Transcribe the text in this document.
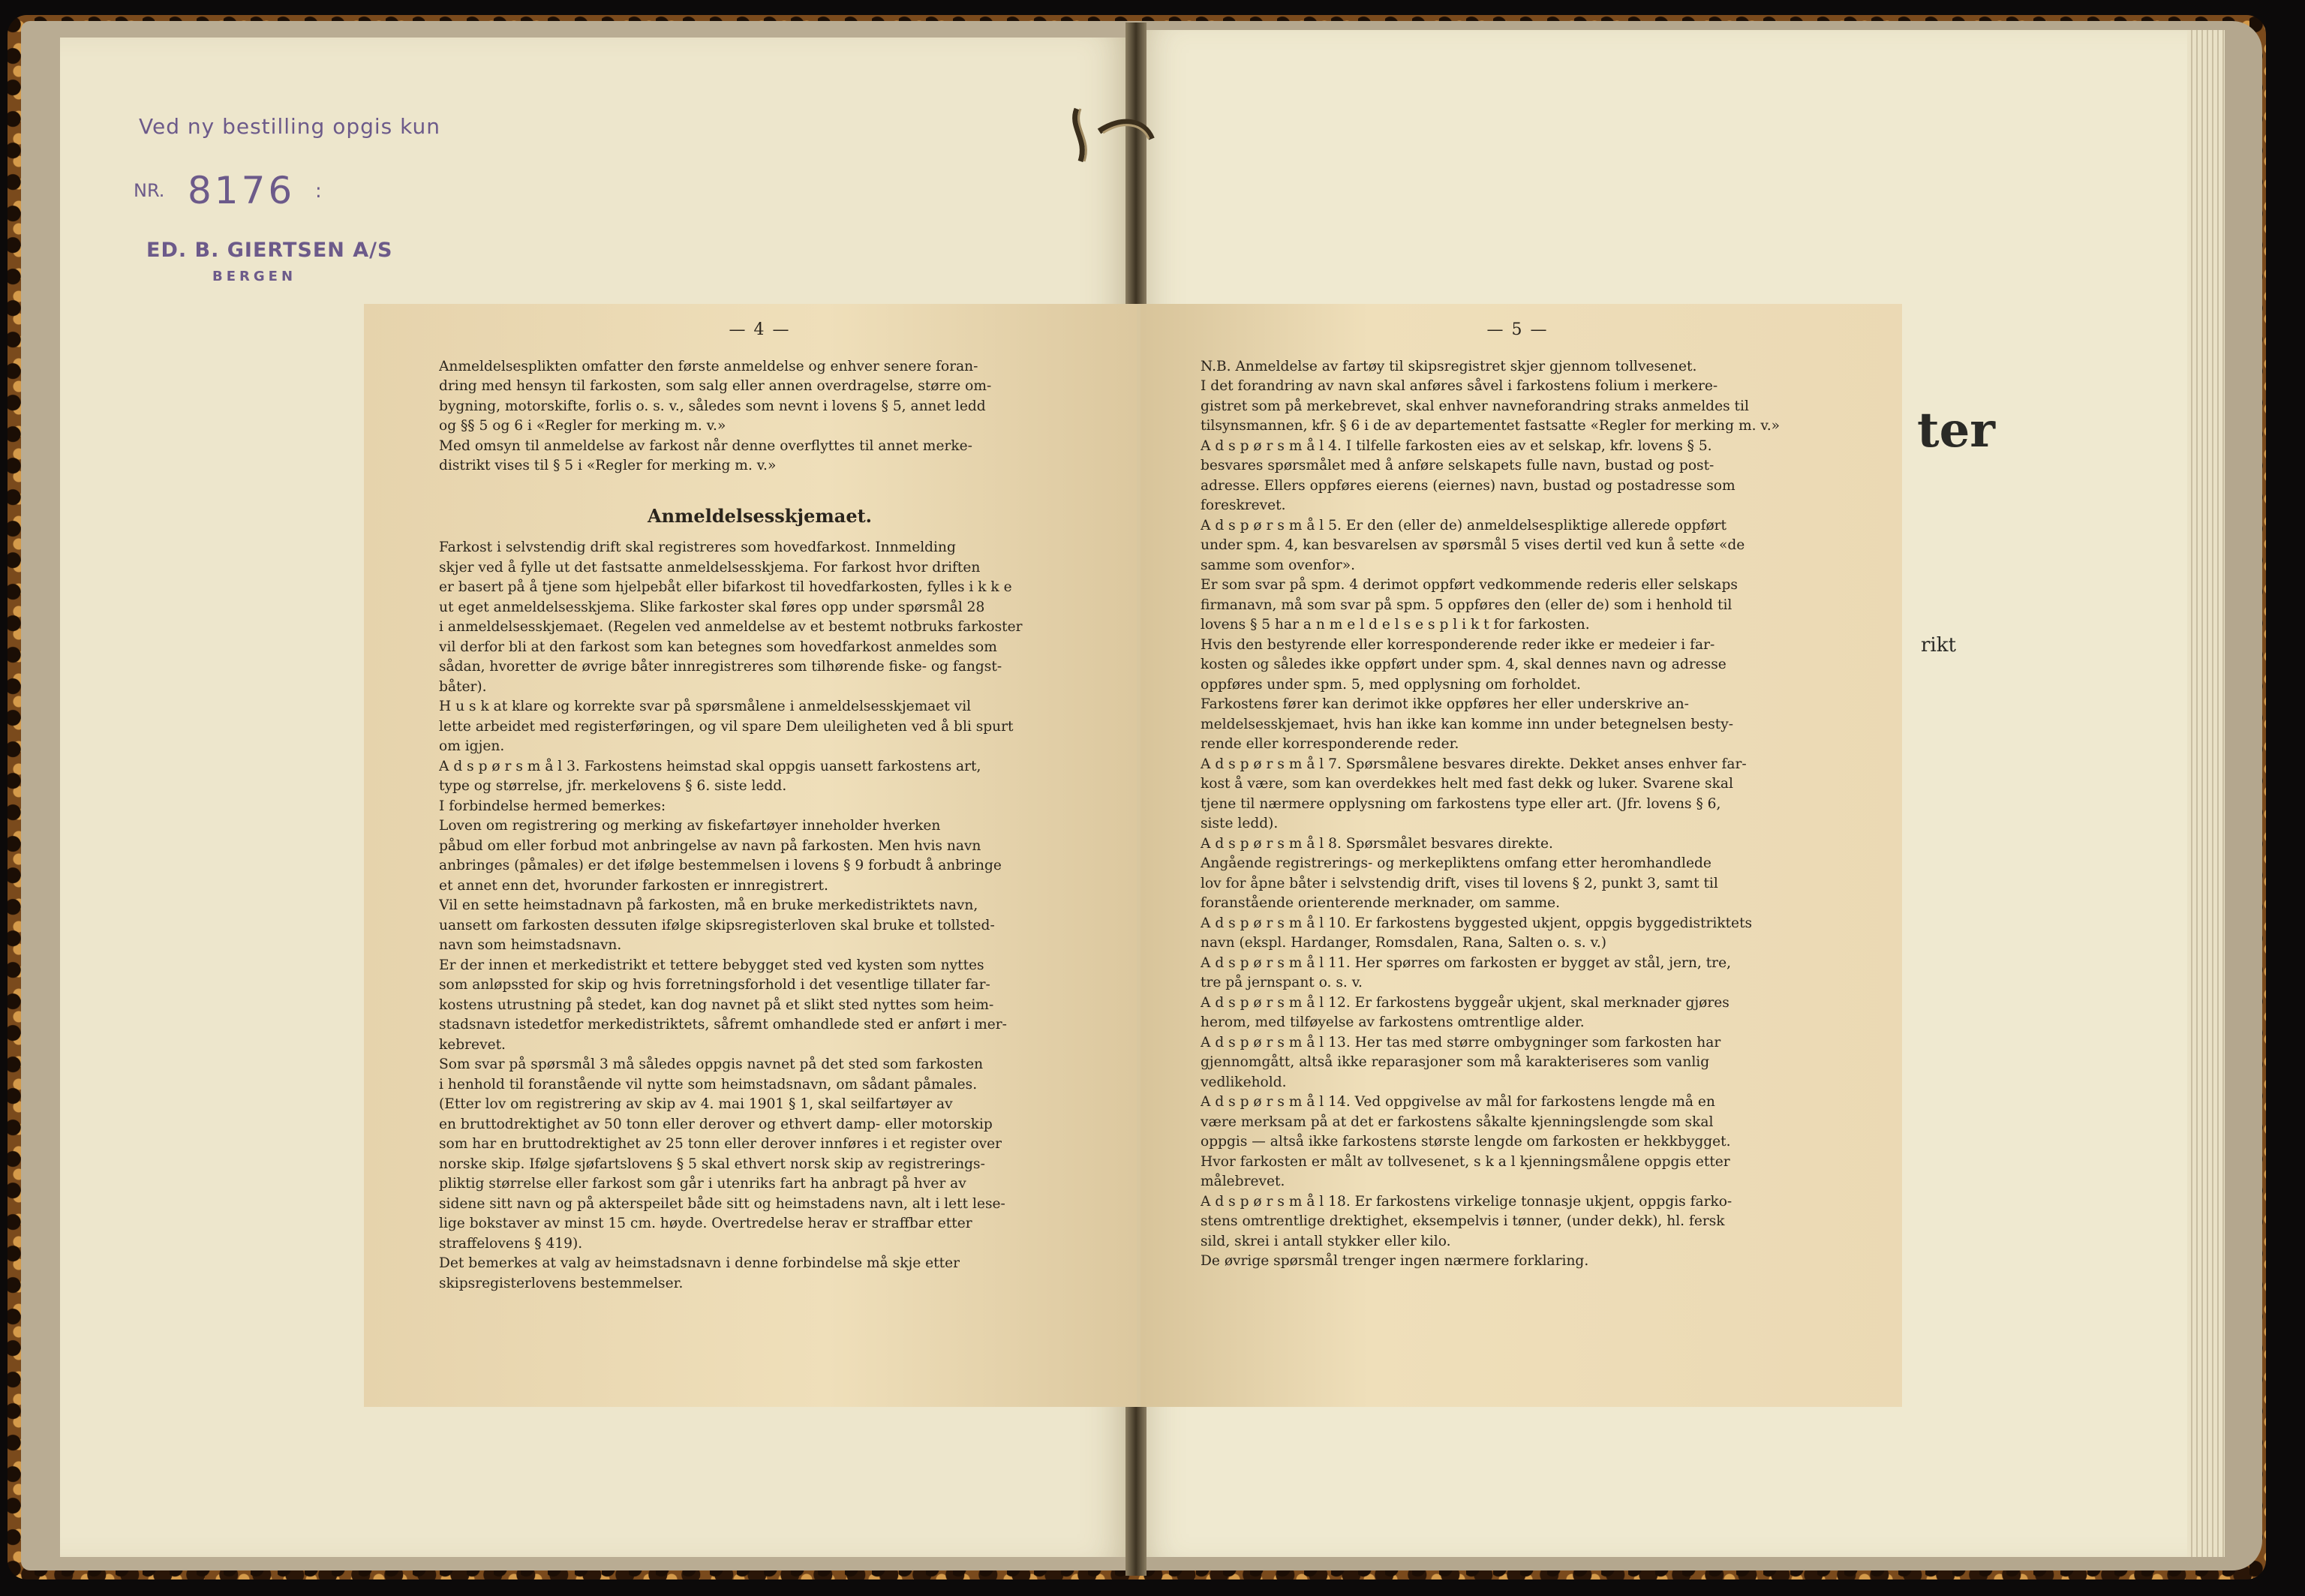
Ved ny bestilling opgis kun
NR. 8176 :
ED. B. GIERTSEN A/S
BERGEN
ter
rikt
— 4 —
Anmeldelsesplikten omfatter den første anmeldelse og enhver senere foran-
dring med hensyn til farkosten, som salg eller annen overdragelse, større om-
bygning, motorskifte, forlis o. s. v., således som nevnt i lovens § 5, annet ledd
og §§ 5 og 6 i «Regler for merking m. v.»
Med omsyn til anmeldelse av farkost når denne overflyttes til annet merke-
distrikt vises til § 5 i «Regler for merking m. v.»
Anmeldelsesskjemaet.
Farkost i selvstendig drift skal registreres som hovedfarkost. Innmelding
skjer ved å fylle ut det fastsatte anmeldelsesskjema. For farkost hvor driften
er basert på å tjene som hjelpebåt eller bifarkost til hovedfarkosten, fylles i k k e
ut eget anmeldelsesskjema. Slike farkoster skal føres opp under spørsmål 28
i anmeldelsesskjemaet. (Regelen ved anmeldelse av et bestemt notbruks farkoster
vil derfor bli at den farkost som kan betegnes som hovedfarkost anmeldes som
sådan, hvoretter de øvrige båter innregistreres som tilhørende fiske- og fangst-
båter).
H u s k at klare og korrekte svar på spørsmålene i anmeldelsesskjemaet vil
lette arbeidet med registerføringen, og vil spare Dem uleiligheten ved å bli spurt
om igjen.
A d s p ø r s m å l 3. Farkostens heimstad skal oppgis uansett farkostens art,
type og størrelse, jfr. merkelovens § 6. siste ledd.
I forbindelse hermed bemerkes:
Loven om registrering og merking av fiskefartøyer inneholder hverken
påbud om eller forbud mot anbringelse av navn på farkosten. Men hvis navn
anbringes (påmales) er det ifølge bestemmelsen i lovens § 9 forbudt å anbringe
et annet enn det, hvorunder farkosten er innregistrert.
Vil en sette heimstadnavn på farkosten, må en bruke merkedistriktets navn,
uansett om farkosten dessuten ifølge skipsregisterloven skal bruke et tollsted-
navn som heimstadsnavn.
Er der innen et merkedistrikt et tettere bebygget sted ved kysten som nyttes
som anløpssted for skip og hvis forretningsforhold i det vesentlige tillater far-
kostens utrustning på stedet, kan dog navnet på et slikt sted nyttes som heim-
stadsnavn istedetfor merkedistriktets, såfremt omhandlede sted er anført i mer-
kebrevet.
Som svar på spørsmål 3 må således oppgis navnet på det sted som farkosten
i henhold til foranstående vil nytte som heimstadsnavn, om sådant påmales.
(Etter lov om registrering av skip av 4. mai 1901 § 1, skal seilfartøyer av
en bruttodrektighet av 50 tonn eller derover og ethvert damp- eller motorskip
som har en bruttodrektighet av 25 tonn eller derover innføres i et register over
norske skip. Ifølge sjøfartslovens § 5 skal ethvert norsk skip av registrerings-
pliktig størrelse eller farkost som går i utenriks fart ha anbragt på hver av
sidene sitt navn og på akterspeilet både sitt og heimstadens navn, alt i lett lese-
lige bokstaver av minst 15 cm. høyde. Overtredelse herav er straffbar etter
straffelovens § 419).
Det bemerkes at valg av heimstadsnavn i denne forbindelse må skje etter
skipsregisterlovens bestemmelser.
— 5 —
N.B. Anmeldelse av fartøy til skipsregistret skjer gjennom tollvesenet.
I det forandring av navn skal anføres såvel i farkostens folium i merkere-
gistret som på merkebrevet, skal enhver navneforandring straks anmeldes til
tilsynsmannen, kfr. § 6 i de av departementet fastsatte «Regler for merking m. v.»
A d s p ø r s m å l 4. I tilfelle farkosten eies av et selskap, kfr. lovens § 5.
besvares spørsmålet med å anføre selskapets fulle navn, bustad og post-
adresse. Ellers oppføres eierens (eiernes) navn, bustad og postadresse som
foreskrevet.
A d s p ø r s m å l 5. Er den (eller de) anmeldelsespliktige allerede oppført
under spm. 4, kan besvarelsen av spørsmål 5 vises dertil ved kun å sette «de
samme som ovenfor».
Er som svar på spm. 4 derimot oppført vedkommende rederis eller selskaps
firmanavn, må som svar på spm. 5 oppføres den (eller de) som i henhold til
lovens § 5 har a n m e l d e l s e s p l i k t for farkosten.
Hvis den bestyrende eller korresponderende reder ikke er medeier i far-
kosten og således ikke oppført under spm. 4, skal dennes navn og adresse
oppføres under spm. 5, med opplysning om forholdet.
Farkostens fører kan derimot ikke oppføres her eller underskrive an-
meldelsesskjemaet, hvis han ikke kan komme inn under betegnelsen besty-
rende eller korresponderende reder.
A d s p ø r s m å l 7. Spørsmålene besvares direkte. Dekket anses enhver far-
kost å være, som kan overdekkes helt med fast dekk og luker. Svarene skal
tjene til nærmere opplysning om farkostens type eller art. (Jfr. lovens § 6,
siste ledd).
A d s p ø r s m å l 8. Spørsmålet besvares direkte.
Angående registrerings- og merkepliktens omfang etter heromhandlede
lov for åpne båter i selvstendig drift, vises til lovens § 2, punkt 3, samt til
foranstående orienterende merknader, om samme.
A d s p ø r s m å l 10. Er farkostens byggested ukjent, oppgis byggedistriktets
navn (ekspl. Hardanger, Romsdalen, Rana, Salten o. s. v.)
A d s p ø r s m å l 11. Her spørres om farkosten er bygget av stål, jern, tre,
tre på jernspant o. s. v.
A d s p ø r s m å l 12. Er farkostens byggeår ukjent, skal merknader gjøres
herom, med tilføyelse av farkostens omtrentlige alder.
A d s p ø r s m å l 13. Her tas med større ombygninger som farkosten har
gjennomgått, altså ikke reparasjoner som må karakteriseres som vanlig
vedlikehold.
A d s p ø r s m å l 14. Ved oppgivelse av mål for farkostens lengde må en
være merksam på at det er farkostens såkalte kjenningslengde som skal
oppgis — altså ikke farkostens største lengde om farkosten er hekkbygget.
Hvor farkosten er målt av tollvesenet, s k a l kjenningsmålene oppgis etter
målebrevet.
A d s p ø r s m å l 18. Er farkostens virkelige tonnasje ukjent, oppgis farko-
stens omtrentlige drektighet, eksempelvis i tønner, (under dekk), hl. fersk
sild, skrei i antall stykker eller kilo.
De øvrige spørsmål trenger ingen nærmere forklaring.
